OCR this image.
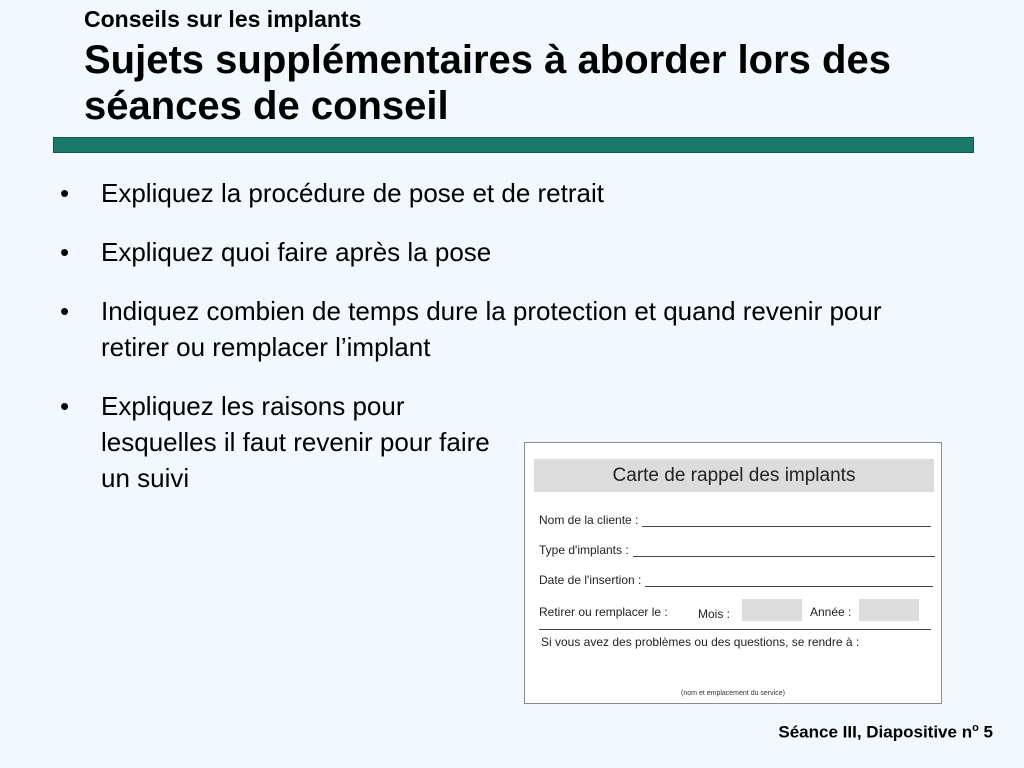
Conseils sur les implants
Sujets supplémentaires à aborder lors des séances de conseil
• Expliquez la procédure de pose et de retrait
• Expliquez quoi faire après la pose
• Indiquez combien de temps dure la protection et quand revenir pour retirer ou remplacer l’implant
• Expliquez les raisons pour lesquelles il faut revenir pour faire un suivi	Carte de rappel des implants
Nom de la cliente :
Type d'implants :
Date de l'insertion :
Retirer ou remplacer le :	Mois :	Année :
Si vous avez des problèmes ou des questions, se rendre à :
(nom et emplacement du service)
Séance III, Diapositive $n^o$ 5
